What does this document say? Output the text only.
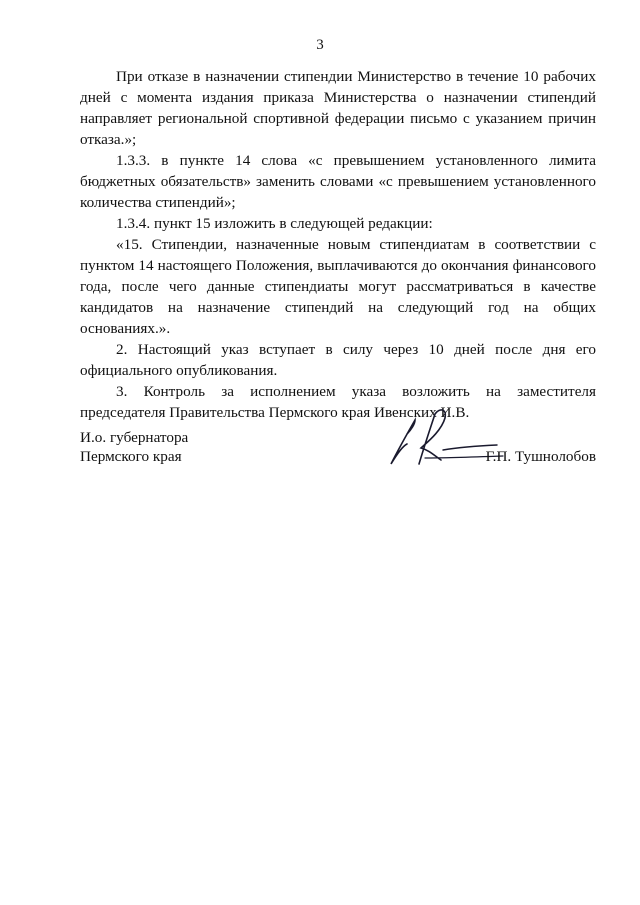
3

При отказе в назначении стипендии Министерство в течение 10 рабочих дней с момента издания приказа Министерства о назначении стипендий направляет региональной спортивной федерации письмо с указанием причин отказа.»;

1.3.3. в пункте 14 слова «с превышением установленного лимита бюджетных обязательств» заменить словами «с превышением установленного количества стипендий»;

1.3.4. пункт 15 изложить в следующей редакции:

«15. Стипендии, назначенные новым стипендиатам в соответствии с пунктом 14 настоящего Положения, выплачиваются до окончания финансового года, после чего данные стипендиаты могут рассматриваться в качестве кандидатов на назначение стипендий на следующий год на общих основаниях.».

2. Настоящий указ вступает в силу через 10 дней после дня его официального опубликования.

3. Контроль за исполнением указа возложить на заместителя председателя Правительства Пермского края Ивенских И.В.

И.о. губернатора
Пермского края	Г.П. Тушнолобов
